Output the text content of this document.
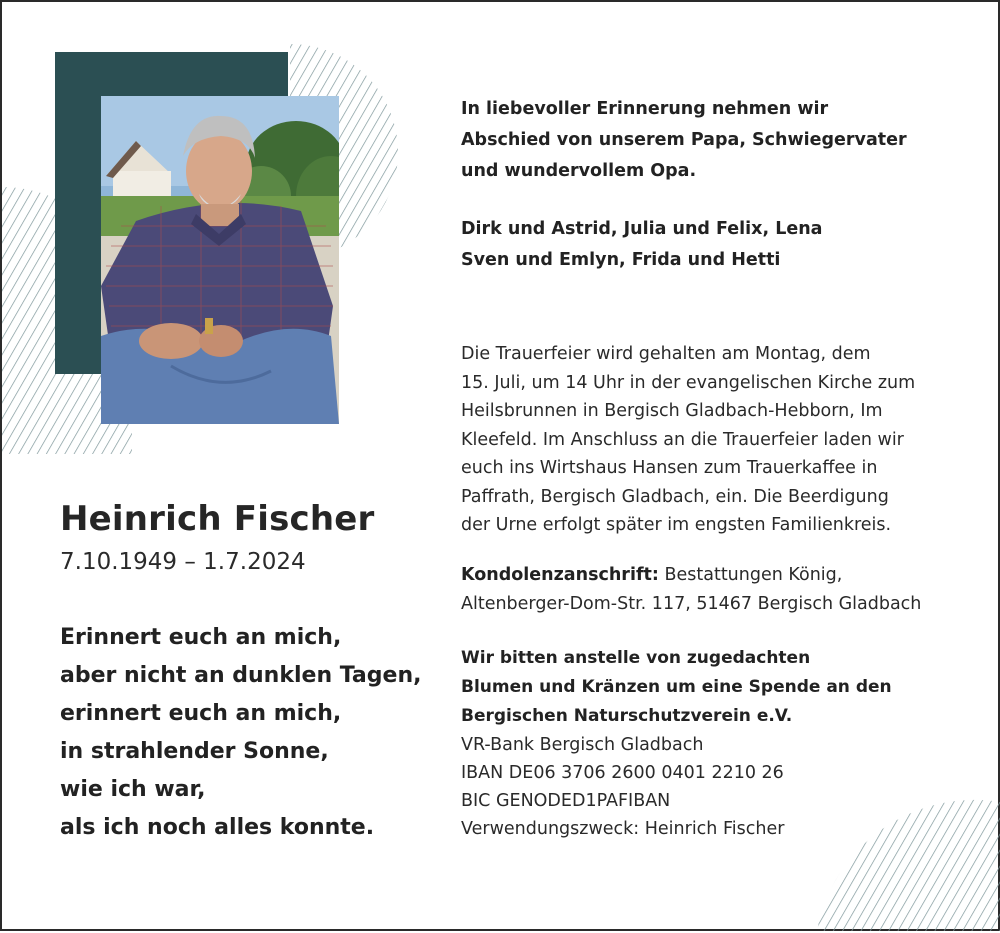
Heinrich Fischer
7.10.1949 – 1.7.2024
Erinnert euch an mich,
aber nicht an dunklen Tagen,
erinnert euch an mich,
in strahlender Sonne,
wie ich war,
als ich noch alles konnte.
In liebevoller Erinnerung nehmen wir
Abschied von unserem Papa, Schwiegervater
und wundervollem Opa.
Dirk und Astrid, Julia und Felix, Lena
Sven und Emlyn, Frida und Hetti
Die Trauerfeier wird gehalten am Montag, dem
15. Juli, um 14 Uhr in der evangelischen Kirche zum
Heilsbrunnen in Bergisch Gladbach-Hebborn, Im
Kleefeld. Im Anschluss an die Trauerfeier laden wir
euch ins Wirtshaus Hansen zum Trauerkaffee in
Paffrath, Bergisch Gladbach, ein. Die Beerdigung
der Urne erfolgt später im engsten Familienkreis.
Kondolenzanschrift: Bestattungen König,
Altenberger-Dom-Str. 117, 51467 Bergisch Gladbach
Wir bitten anstelle von zugedachten
Blumen und Kränzen um eine Spende an den
Bergischen Naturschutzverein e.V.
VR-Bank Bergisch Gladbach
IBAN DE06 3706 2600 0401 2210 26
BIC GENODED1PAFIBAN
Verwendungszweck: Heinrich Fischer
